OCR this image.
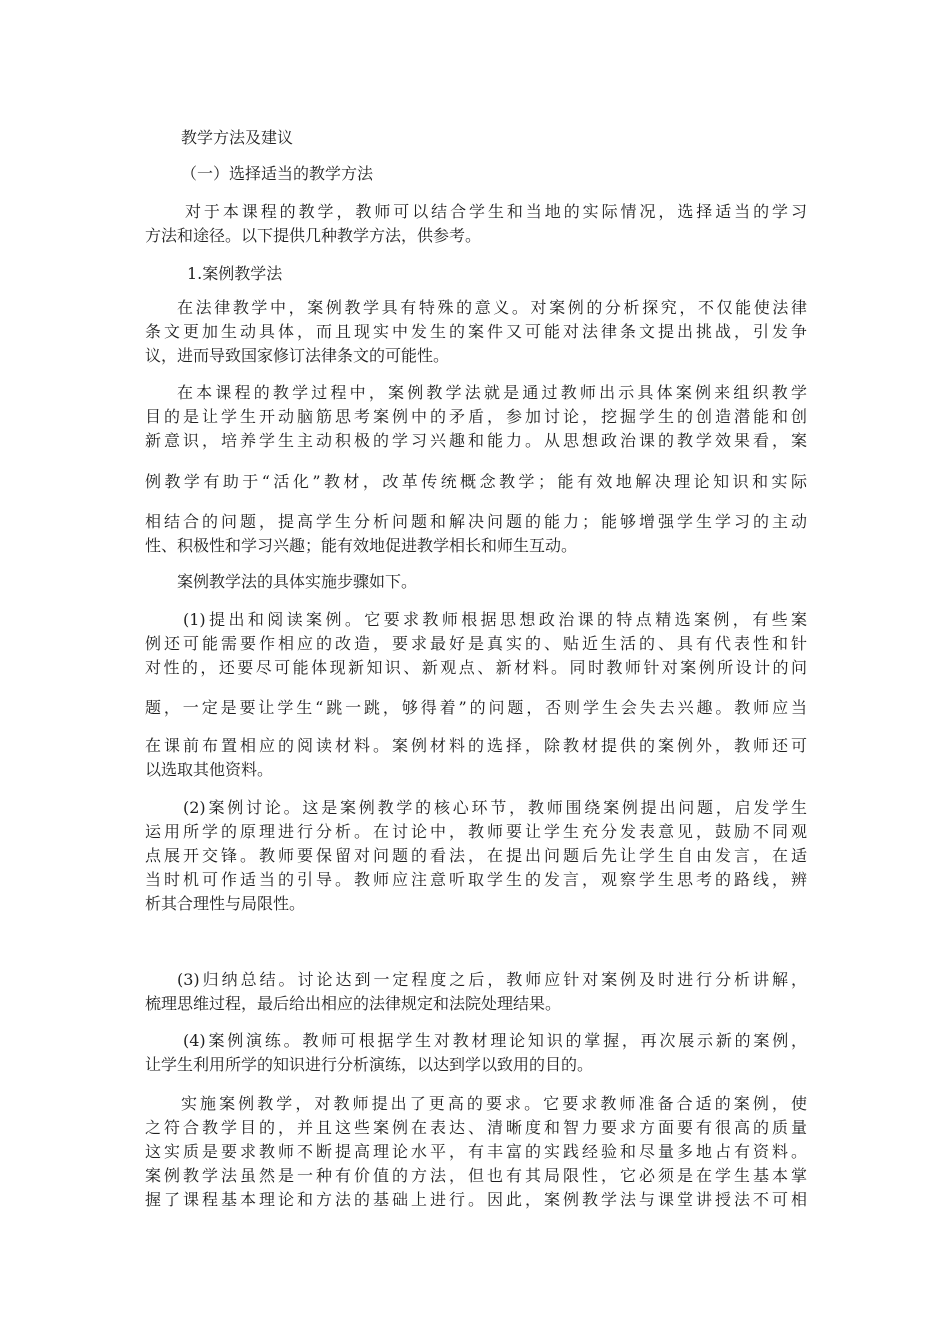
教学方法及建议
（一）选择适当的教学方法
对于本课程的教学，教师可以结合学生和当地的实际情况，选择适当的学习
方法和途径。以下提供几种教学方法，供参考。
1.案例教学法
在法律教学中，案例教学具有特殊的意义。对案例的分析探究，不仅能使法律
条文更加生动具体，而且现实中发生的案件又可能对法律条文提出挑战，引发争
议，进而导致国家修订法律条文的可能性。
在本课程的教学过程中，案例教学法就是通过教师出示具体案例来组织教学
目的是让学生开动脑筋思考案例中的矛盾，参加讨论，挖掘学生的创造潜能和创
新意识，培养学生主动积极的学习兴趣和能力。从思想政治课的教学效果看，案
例教学有助于“活化”教材，改革传统概念教学；能有效地解决理论知识和实际
相结合的问题，提高学生分析问题和解决问题的能力；能够增强学生学习的主动
性、积极性和学习兴趣；能有效地促进教学相长和师生互动。
案例教学法的具体实施步骤如下。
(1)提出和阅读案例。它要求教师根据思想政治课的特点精选案例，有些案
例还可能需要作相应的改造，要求最好是真实的、贴近生活的、具有代表性和针
对性的，还要尽可能体现新知识、新观点、新材料。同时教师针对案例所设计的问
题，一定是要让学生“跳一跳，够得着”的问题，否则学生会失去兴趣。教师应当
在课前布置相应的阅读材料。案例材料的选择，除教材提供的案例外，教师还可
以选取其他资料。
(2)案例讨论。这是案例教学的核心环节，教师围绕案例提出问题，启发学生
运用所学的原理进行分析。在讨论中，教师要让学生充分发表意见，鼓励不同观
点展开交锋。教师要保留对问题的看法，在提出问题后先让学生自由发言，在适
当时机可作适当的引导。教师应注意听取学生的发言，观察学生思考的路线，辨
析其合理性与局限性。
(3)归纳总结。讨论达到一定程度之后，教师应针对案例及时进行分析讲解，
梳理思维过程，最后给出相应的法律规定和法院处理结果。
(4)案例演练。教师可根据学生对教材理论知识的掌握，再次展示新的案例，
让学生利用所学的知识进行分析演练，以达到学以致用的目的。
实施案例教学，对教师提出了更高的要求。它要求教师准备合适的案例，使
之符合教学目的，并且这些案例在表达、清晰度和智力要求方面要有很高的质量
这实质是要求教师不断提高理论水平，有丰富的实践经验和尽量多地占有资料。
案例教学法虽然是一种有价值的方法，但也有其局限性，它必须是在学生基本掌
握了课程基本理论和方法的基础上进行。因此，案例教学法与课堂讲授法不可相
